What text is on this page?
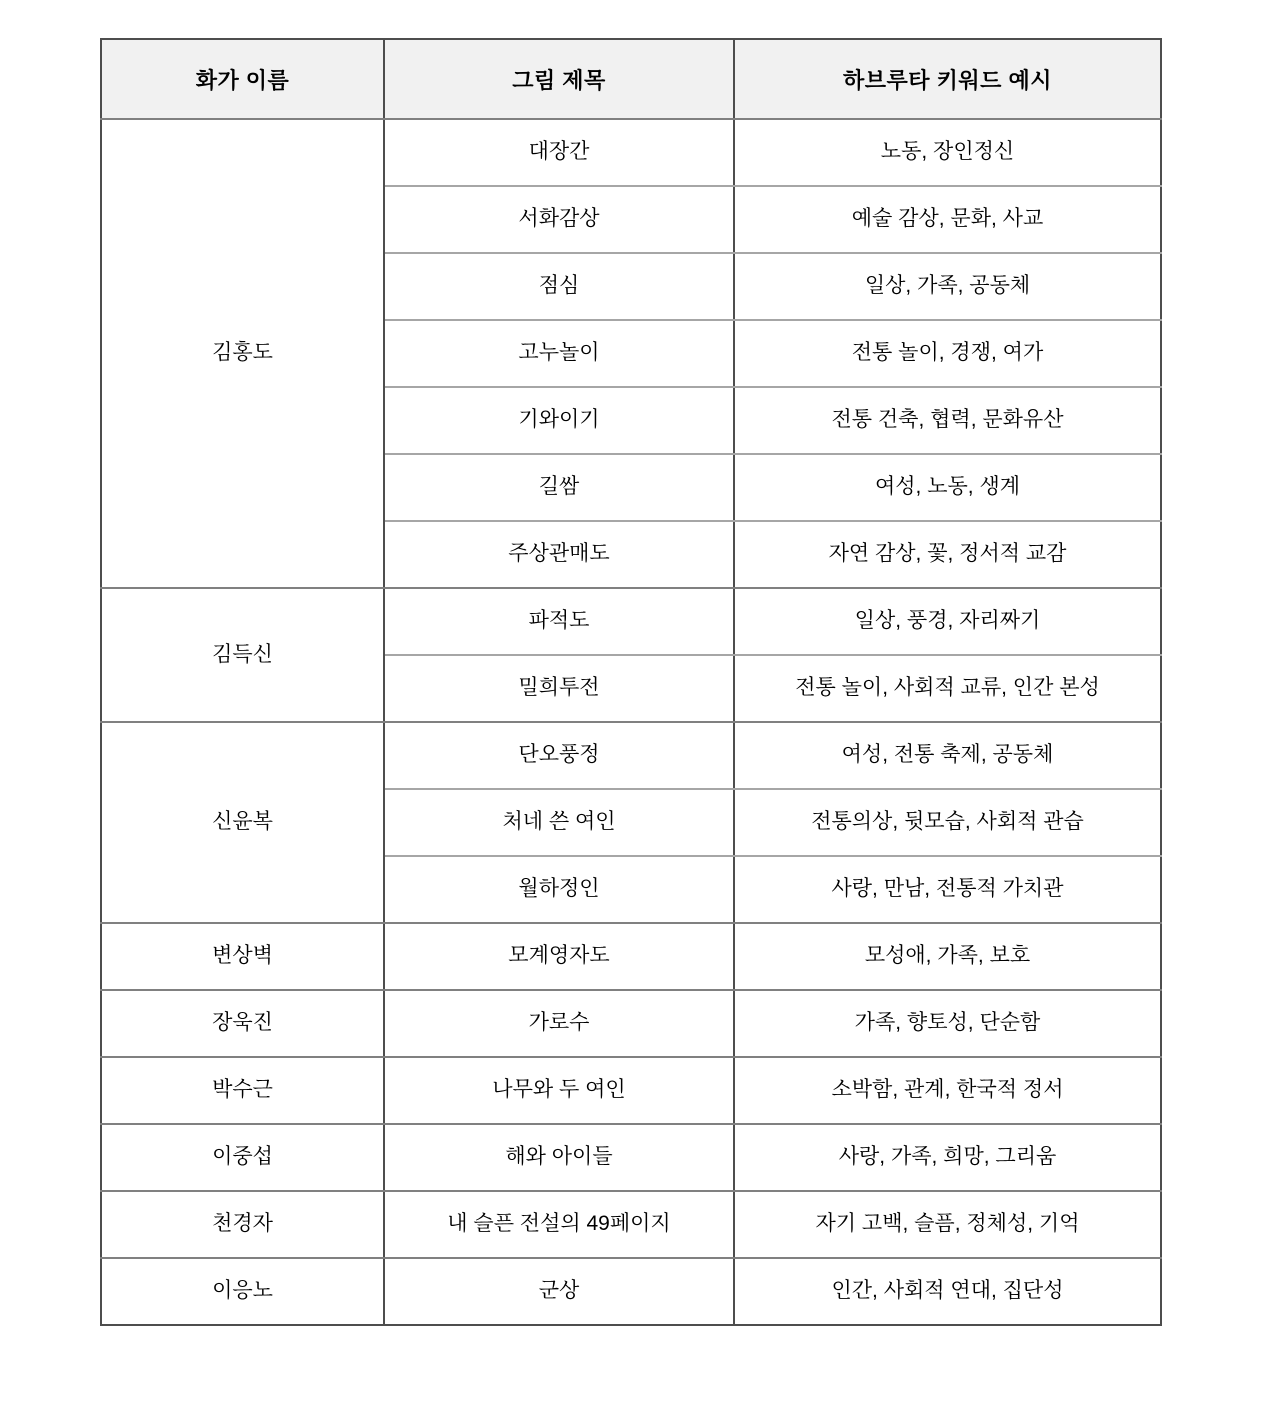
화가 이름	그림 제목	하브루타 키워드 예시
김홍도	대장간	노동, 장인정신
	서화감상	예술 감상, 문화, 사교
	점심	일상, 가족, 공동체
	고누놀이	전통 놀이, 경쟁, 여가
	기와이기	전통 건축, 협력, 문화유산
	길쌈	여성, 노동, 생계
	주상관매도	자연 감상, 꽃, 정서적 교감
김득신	파적도	일상, 풍경, 자리짜기
	밀희투전	전통 놀이, 사회적 교류, 인간 본성
신윤복	단오풍정	여성, 전통 축제, 공동체
	처네 쓴 여인	전통의상, 뒷모습, 사회적 관습
	월하정인	사랑, 만남, 전통적 가치관
변상벽	모계영자도	모성애, 가족, 보호
장욱진	가로수	가족, 향토성, 단순함
박수근	나무와 두 여인	소박함, 관계, 한국적 정서
이중섭	해와 아이들	사랑, 가족, 희망, 그리움
천경자	내 슬픈 전설의 49페이지	자기 고백, 슬픔, 정체성, 기억
이응노	군상	인간, 사회적 연대, 집단성
